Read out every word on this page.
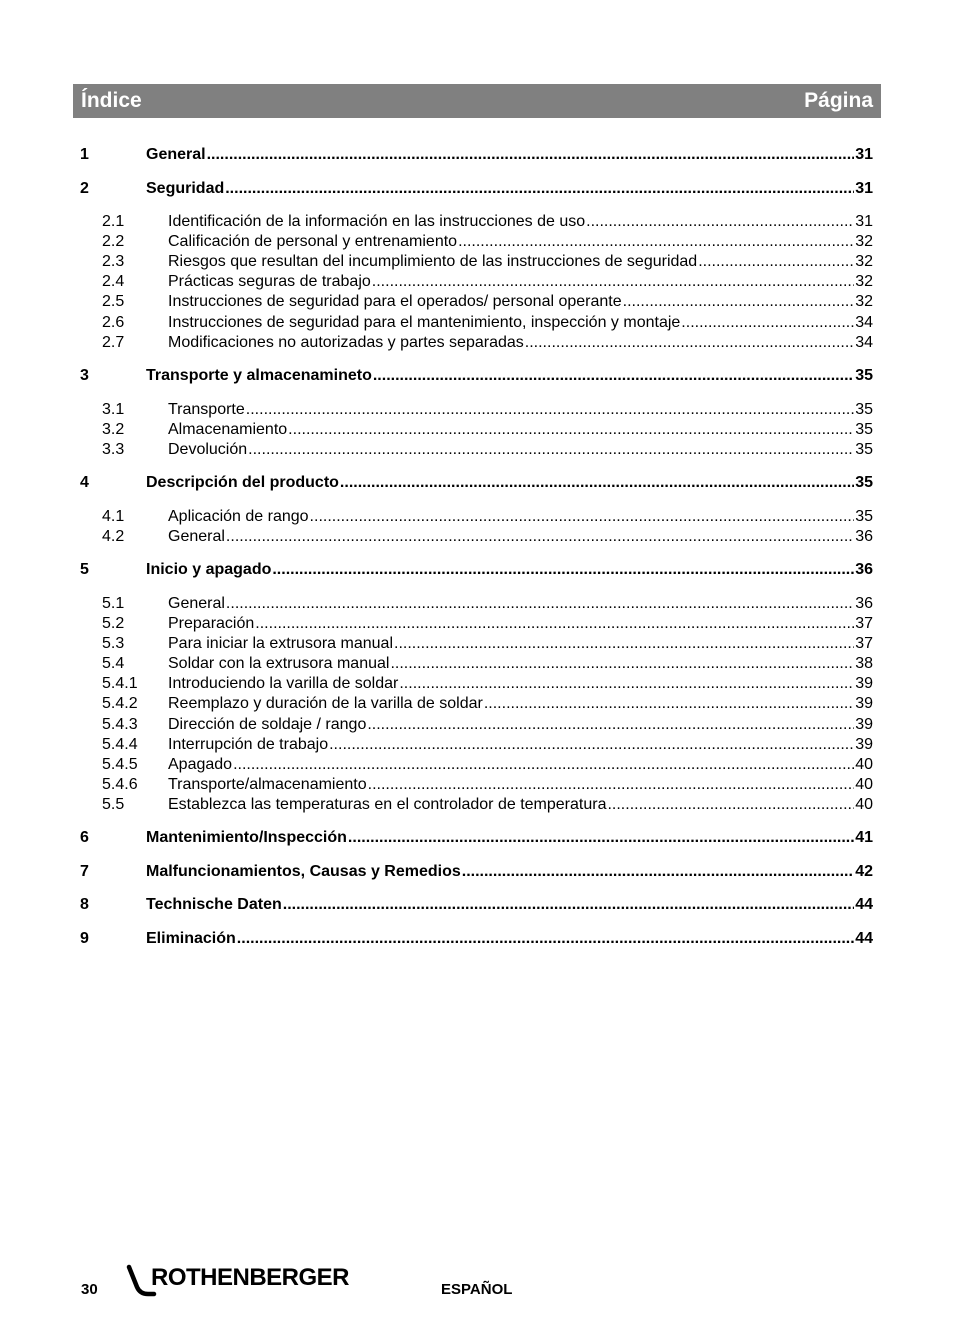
Índice	Página
1	General .....	31
2	Seguridad .....	31
2.1	Identificación de la información en las instrucciones de uso .....	31
2.2	Calificación de personal y entrenamiento .....	32
2.3	Riesgos que resultan del incumplimiento de las instrucciones de seguridad .....	32
2.4	Prácticas seguras de trabajo .....	32
2.5	Instrucciones de seguridad para el operados/ personal operante .....	32
2.6	Instrucciones de seguridad para el mantenimiento, inspección y montaje .....	34
2.7	Modificaciones no autorizadas y partes separadas .....	34
3	Transporte y almacenamineto .....	35
3.1	Transporte .....	35
3.2	Almacenamiento .....	35
3.3	Devolución .....	35
4	Descripción del producto .....	35
4.1	Aplicación de rango .....	35
4.2	General .....	36
5	Inicio y apagado .....	36
5.1	General .....	36
5.2	Preparación .....	37
5.3	Para iniciar la extrusora manual .....	37
5.4	Soldar con la extrusora manual .....	38
5.4.1 Introduciendo la varilla de soldar .....	39
5.4.2 Reemplazo y duración de la varilla de soldar .....	39
5.4.3 Dirección de soldaje / rango .....	39
5.4.4 Interrupción de trabajo .....	39
5.4.5 Apagado .....	40
5.4.6 Transporte/almacenamiento .....	40
5.5	Establezca las temperaturas en el controlador de temperatura .....	40
6	Mantenimiento/Inspección .....	41
7	Malfuncionamientos, Causas y Remedios .....	42
8	Technische Daten .....	44
9	Eliminación .....	44
30 ROTHENBERGER	ESPAÑOL
